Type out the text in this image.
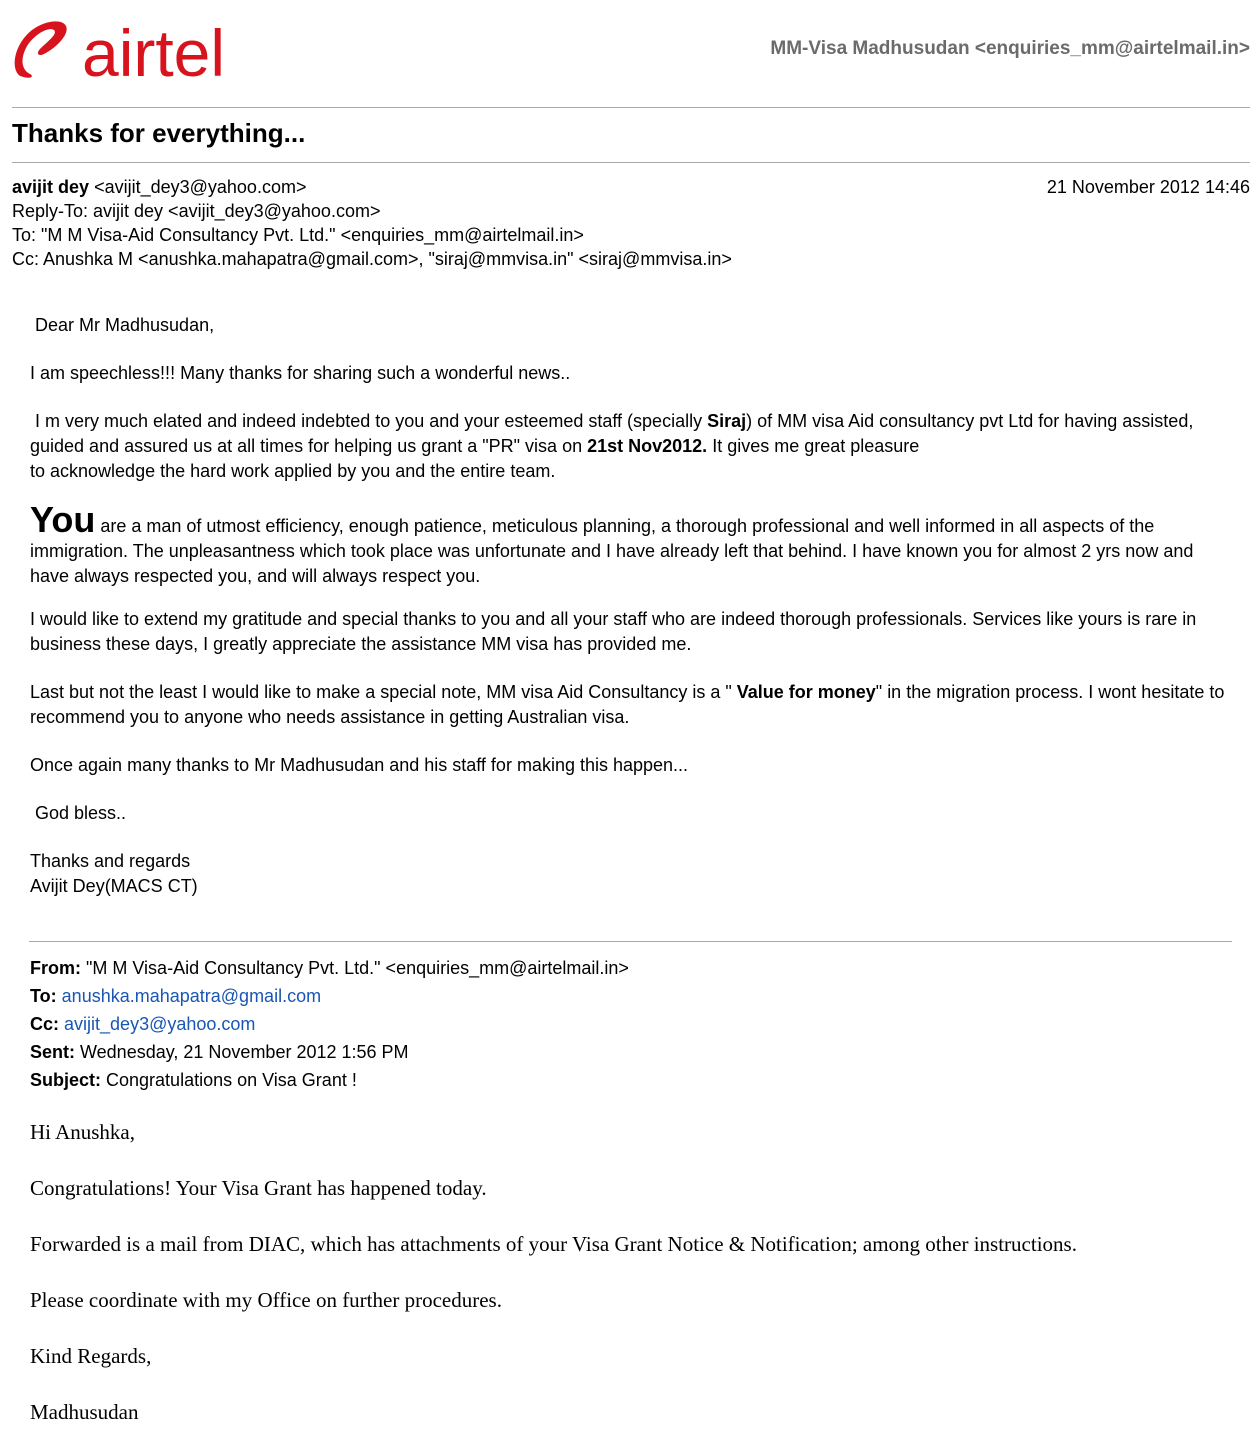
airtel	MM-Visa Madhusudan <enquiries_mm@airtelmail.in>
Thanks for everything...
avijit dey <avijit_dey3@yahoo.com>	21 November 2012 14:46
Reply-To: avijit dey <avijit_dey3@yahoo.com>
To: "M M Visa-Aid Consultancy Pvt. Ltd." <enquiries_mm@airtelmail.in>
Cc: Anushka M <anushka.mahapatra@gmail.com>, "siraj@mmvisa.in" <siraj@mmvisa.in>

Dear Mr Madhusudan,

I am speechless!!! Many thanks for sharing such a wonderful news..

I m very much elated and indeed indebted to you and your esteemed staff (specially Siraj) of MM visa Aid consultancy pvt Ltd for having assisted, guided and assured us at all times for helping us grant a "PR" visa on 21st Nov2012. It gives me great pleasure
to acknowledge the hard work applied by you and the entire team.

You are a man of utmost efficiency, enough patience, meticulous planning, a thorough professional and well informed in all aspects of the immigration. The unpleasantness which took place was unfortunate and I have already left that behind. I have known you for almost 2 yrs now and have always respected you, and will always respect you.

I would like to extend my gratitude and special thanks to you and all your staff who are indeed thorough professionals. Services like yours is rare in business these days, I greatly appreciate the assistance MM visa has provided me.

Last but not the least I would like to make a special note, MM visa Aid Consultancy is a " Value for money" in the migration process. I wont hesitate to recommend you to anyone who needs assistance in getting Australian visa.

Once again many thanks to Mr Madhusudan and his staff for making this happen...

God bless..

Thanks and regards
Avijit Dey(MACS CT)

From: "M M Visa-Aid Consultancy Pvt. Ltd." <enquiries_mm@airtelmail.in>
To: anushka.mahapatra@gmail.com
Cc: avijit_dey3@yahoo.com
Sent: Wednesday, 21 November 2012 1:56 PM
Subject: Congratulations on Visa Grant !

Hi Anushka,

Congratulations! Your Visa Grant has happened today.

Forwarded is a mail from DIAC, which has attachments of your Visa Grant Notice & Notification; among other instructions.

Please coordinate with my Office on further procedures.

Kind Regards,

Madhusudan
